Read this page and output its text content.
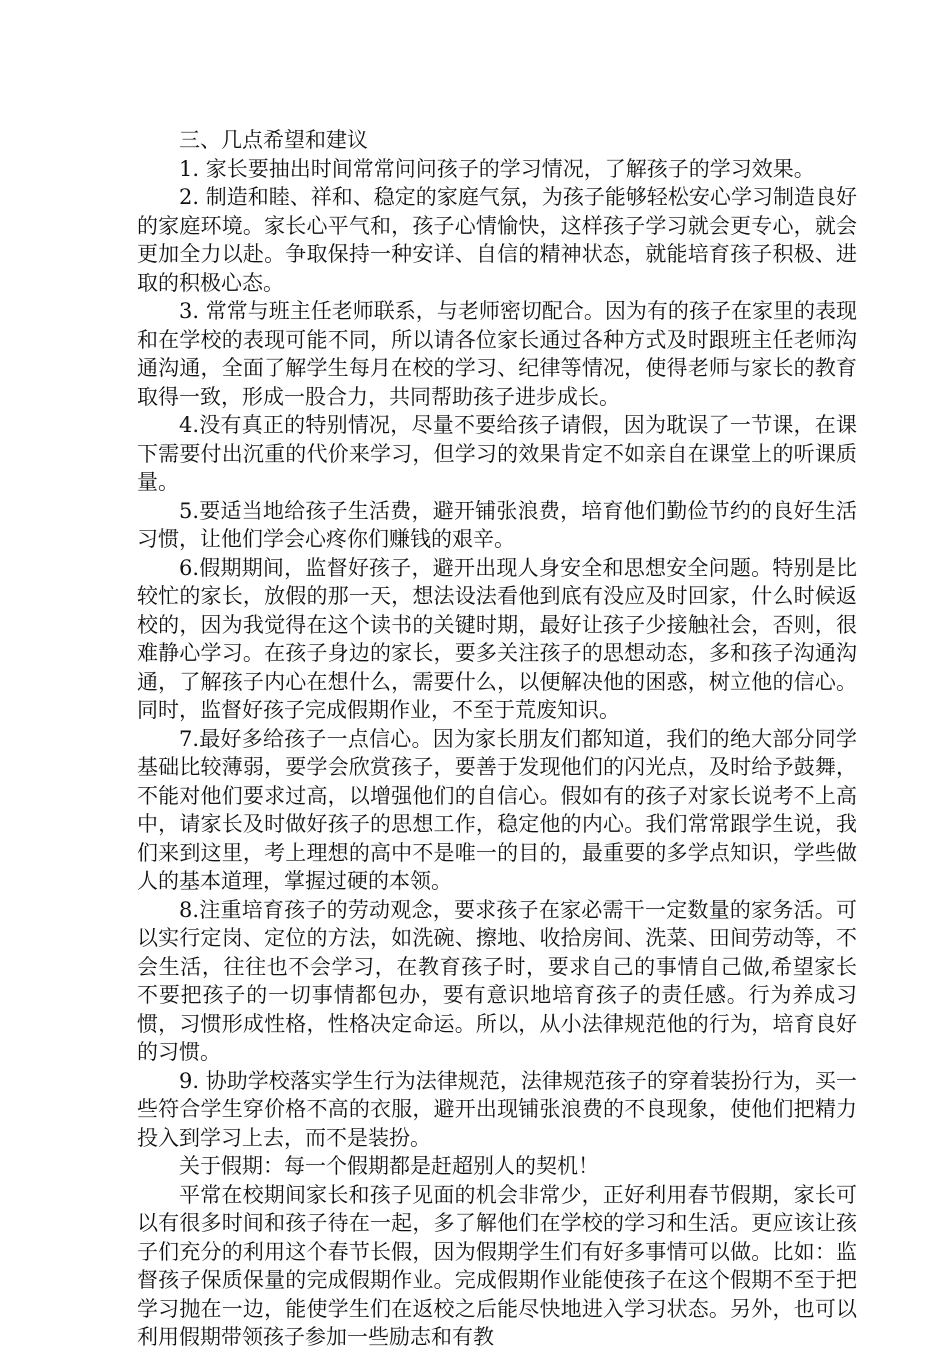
三、几点希望和建议

1. 家长要抽出时间常常问问孩子的学习情况，了解孩子的学习效果。

2. 制造和睦、祥和、稳定的家庭气氛，为孩子能够轻松安心学习制造良好的家庭环境。家长心平气和，孩子心情愉快，这样孩子学习就会更专心，就会更加全力以赴。争取保持一种安详、自信的精神状态，就能培育孩子积极、进取的积极心态。

3. 常常与班主任老师联系，与老师密切配合。因为有的孩子在家里的表现和在学校的表现可能不同，所以请各位家长通过各种方式及时跟班主任老师沟通沟通，全面了解学生每月在校的学习、纪律等情况，使得老师与家长的教育取得一致，形成一股合力，共同帮助孩子进步成长。

4.没有真正的特别情况，尽量不要给孩子请假，因为耽误了一节课，在课下需要付出沉重的代价来学习，但学习的效果肯定不如亲自在课堂上的听课质量。

5.要适当地给孩子生活费，避开铺张浪费，培育他们勤俭节约的良好生活习惯，让他们学会心疼你们赚钱的艰辛。

6.假期期间，监督好孩子，避开出现人身安全和思想安全问题。特别是比较忙的家长，放假的那一天，想法设法看他到底有没应及时回家，什么时候返校的，因为我觉得在这个读书的关键时期，最好让孩子少接触社会，否则，很难静心学习。在孩子身边的家长，要多关注孩子的思想动态，多和孩子沟通沟通，了解孩子内心在想什么，需要什么，以便解决他的困惑，树立他的信心。同时，监督好孩子完成假期作业，不至于荒废知识。

7.最好多给孩子一点信心。因为家长朋友们都知道，我们的绝大部分同学基础比较薄弱，要学会欣赏孩子，要善于发现他们的闪光点，及时给予鼓舞，不能对他们要求过高，以增强他们的自信心。假如有的孩子对家长说考不上高中，请家长及时做好孩子的思想工作，稳定他的内心。我们常常跟学生说，我们来到这里，考上理想的高中不是唯一的目的，最重要的多学点知识，学些做人的基本道理，掌握过硬的本领。

8.注重培育孩子的劳动观念，要求孩子在家必需干一定数量的家务活。可以实行定岗、定位的方法，如洗碗、擦地、收拾房间、洗菜、田间劳动等，不会生活，往往也不会学习，在教育孩子时，要求自己的事情自己做,希望家长不要把孩子的一切事情都包办，要有意识地培育孩子的责任感。行为养成习惯，习惯形成性格，性格决定命运。所以，从小法律规范他的行为，培育良好的习惯。

9. 协助学校落实学生行为法律规范，法律规范孩子的穿着装扮行为，买一些符合学生穿价格不高的衣服，避开出现铺张浪费的不良现象，使他们把精力投入到学习上去，而不是装扮。

关于假期：每一个假期都是赶超别人的契机！

平常在校期间家长和孩子见面的机会非常少，正好利用春节假期，家长可以有很多时间和孩子待在一起，多了解他们在学校的学习和生活。更应该让孩子们充分的利用这个春节长假，因为假期学生们有好多事情可以做。比如：监督孩子保质保量的完成假期作业。完成假期作业能使孩子在这个假期不至于把学习抛在一边，能使学生们在返校之后能尽快地进入学习状态。另外，也可以利用假期带领孩子参加一些励志和有教
